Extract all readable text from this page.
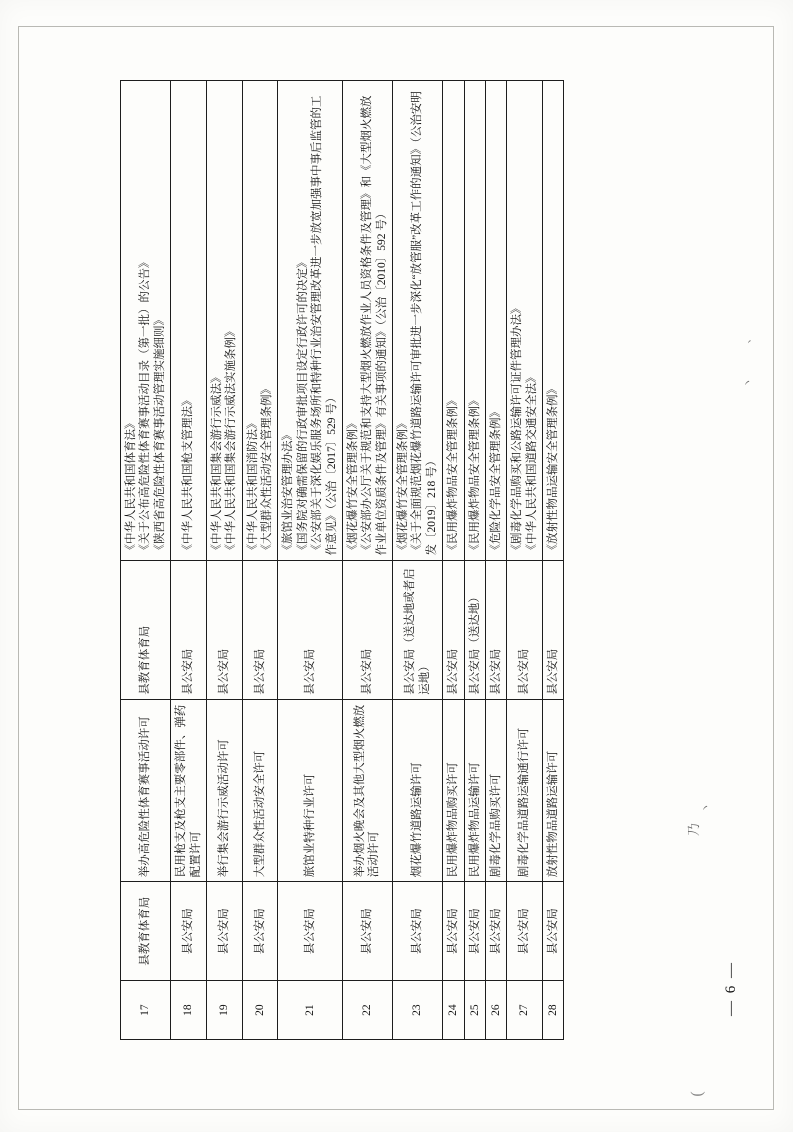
17	县教育体育局	举办高危险性体育赛事活动许可	县教育体育局	《中华人民共和国体育法》 《关于公布高危险性体育赛事活动目录（第一批）的公告》 《陕西省高危险性体育赛事活动管理实施细则》

18	县公安局	民用枪支及枪支主要零部件、弹药配置许可	县公安局	《中华人民共和国枪支管理法》

19	县公安局	举行集会游行示威活动许可	县公安局	《中华人民共和国集会游行示威法》 《中华人民共和国集会游行示威法实施条例》

20	县公安局	大型群众性活动安全许可	县公安局	《中华人民共和国消防法》 《大型群众性活动安全管理条例》

21	县公安局	旅馆业特种行业许可	县公安局	《旅馆业治安管理办法》 《国务院对确需保留的行政审批项目设定行政许可的决定》 《公安部关于深化娱乐服务场所和特种行业治安管理改革进一步放宽加强事中事后监管的工作意见》（公治〔2017〕529 号）

22	县公安局	举办烟火晚会及其他大型烟火燃放活动许可	县公安局	《烟花爆竹安全管理条例》 《公安部办公厅关于规范和支持大型烟火燃放作业人员资格条件及管理》和《大型烟火燃放作业单位资质条件及管理》有关事项的通知》（公治〔2010〕592 号）

23	县公安局	烟花爆竹道路运输许可	县公安局（送达地或者启运地）	《烟花爆竹安全管理条例》 《关于全面规范烟花爆竹道路运输许可审批进一步深化“放管服”改革工作的通知》（公治安明发〔2019〕218 号）

24	县公安局	民用爆炸物品购买许可	县公安局	《民用爆炸物品安全管理条例》

25	县公安局	民用爆炸物品运输许可	县公安局（送达地）	《民用爆炸物品安全管理条例》

26	县公安局	剧毒化学品购买许可	县公安局	《危险化学品安全管理条例》

27	县公安局	剧毒化学品道路运输通行许可	县公安局	《剧毒化学品购买和公路运输许可证件管理办法》 《中华人民共和国道路交通安全法》

28	县公安局	放射性物品道路运输许可	县公安局	《放射性物品运输安全管理条例》
— 6 —
、
丶
丶
乃
(
